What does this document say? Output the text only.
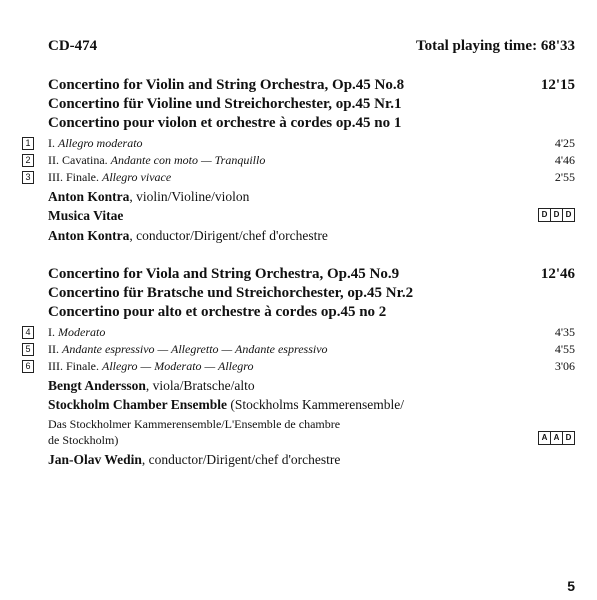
CD-474	Total playing time: 68'33
Concertino for Violin and String Orchestra, Op.45 No.8	12'15
Concertino für Violine und Streichorchester, op.45 Nr.1
Concertino pour violon et orchestre à cordes op.45 no 1
1 I. Allegro moderato	4'25
2 II. Cavatina. Andante con moto — Tranquillo	4'46
3 III. Finale. Allegro vivace	2'55
Anton Kontra, violin/Violine/violon
Musica Vitae	D D D
Anton Kontra, conductor/Dirigent/chef d'orchestre
Concertino for Viola and String Orchestra, Op.45 No.9	12'46
Concertino für Bratsche und Streichorchester, op.45 Nr.2
Concertino pour alto et orchestre à cordes op.45 no 2
4 I. Moderato	4'35
5 II. Andante espressivo — Allegretto — Andante espressivo	4'55
6 III. Finale. Allegro — Moderato — Allegro	3'06
Bengt Andersson, viola/Bratsche/alto
Stockholm Chamber Ensemble (Stockholms Kammerensemble/
Das Stockholmer Kammerensemble/L'Ensemble de chambre
de Stockholm)	A A D
Jan-Olav Wedin, conductor/Dirigent/chef d'orchestre
5
